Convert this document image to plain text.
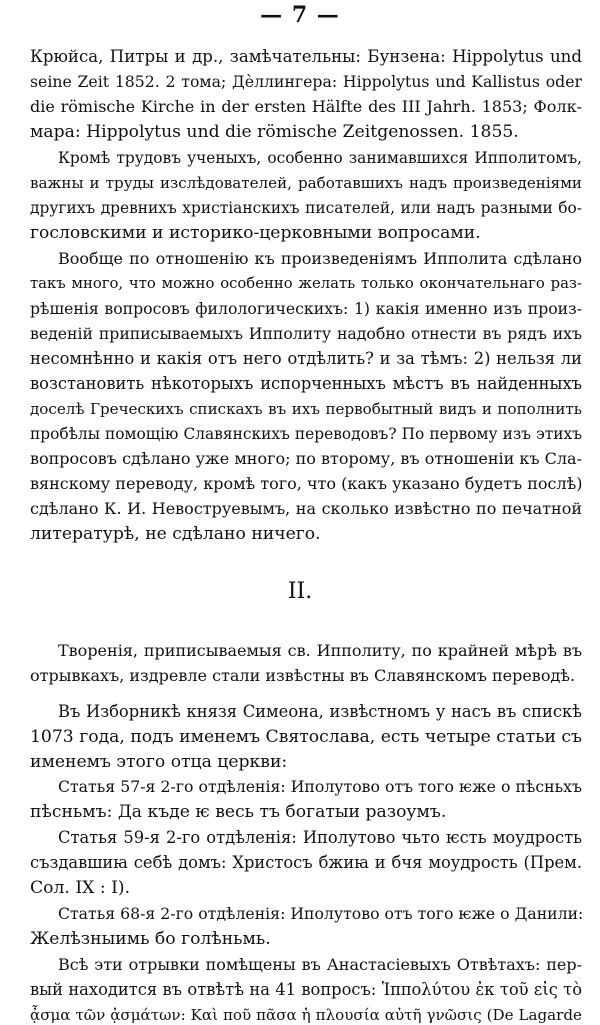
— 7 —
Крюйса, Питры и др., замѣчательны: Бунзена: Hippolytus und
seine Zeit 1852. 2 тома; Дѐллингера: Hippolytus und Kallistus oder
die römische Kirche in der ersten Hälfte des III Jahrh. 1853; Фолк-
мара: Hippolytus und die römische Zeitgenossen. 1855.
Кромѣ трудовъ ученыхъ, особенно занимавшихся Ипполитомъ,
важны и труды изслѣдователей, работавшихъ надъ произведеніями
другихъ древнихъ христіанскихъ писателей, или надъ разными бо-
гословскими и историко-церковными вопросами.
Вообще по отношенію къ произведеніямъ Ипполита сдѣлано
такъ много, что можно особенно желать только окончательнаго раз-
рѣшенія вопросовъ филологическихъ: 1) какія именно изъ произ-
веденій приписываемыхъ Ипполиту надобно отнести въ рядъ ихъ
несомнѣнно и какія отъ него отдѣлить? и за тѣмъ: 2) нельзя ли
возстановить нѣкоторыхъ испорченныхъ мѣстъ въ найденныхъ
доселѣ Греческихъ спискахъ въ ихъ первобытный видъ и пополнить
пробѣлы помощію Славянскихъ переводовъ? По первому изъ этихъ
вопросовъ сдѣлано уже много; по второму, въ отношеніи къ Сла-
вянскому переводу, кромѣ того, что (какъ указано будетъ послѣ)
сдѣлано К. И. Невоструевымъ, на сколько извѣстно по печатной
литературѣ, не сдѣлано ничего.
II.
Творенія, приписываемыя св. Ипполиту, по крайней мѣрѣ въ
отрывкахъ, издревле стали извѣстны въ Славянскомъ переводѣ.
Въ Изборникѣ князя Симеона, извѣстномъ у насъ въ спискѣ
1073 года, подъ именемъ Святослава, есть четыре статьи съ
именемъ этого отца церкви:
Статья 57-я 2-го отдѣленія: Иполутово отъ того ѥже о пѣсньхъ
пѣсньмъ: Да къде ѥ весь тъ богатыи разоумъ.
Статья 59-я 2-го отдѣленія: Иполутово чьто ѥсть моудрость
създавшиꙗ себѣ домъ: Христосъ бжиꙗ и бчя моудрость (Прем.
Сол. IX : I).
Статья 68-я 2-го отдѣленія: Иполутово отъ того ѥже о Данили:
Желѣзныимь бо голѣньмь.
Всѣ эти отрывки помѣщены въ Анастасіевыхъ Отвѣтахъ: пер-
вый находится въ отвѣтѣ на 41 вопросъ: Ἱππολύτου ἐκ τοῦ εἰς τὸ
ᾆσμα τῶν ᾀσμάτων: Καὶ ποῦ πᾶσα ἡ πλουσία αὐτῆ γνῶσις (De Lagarde
